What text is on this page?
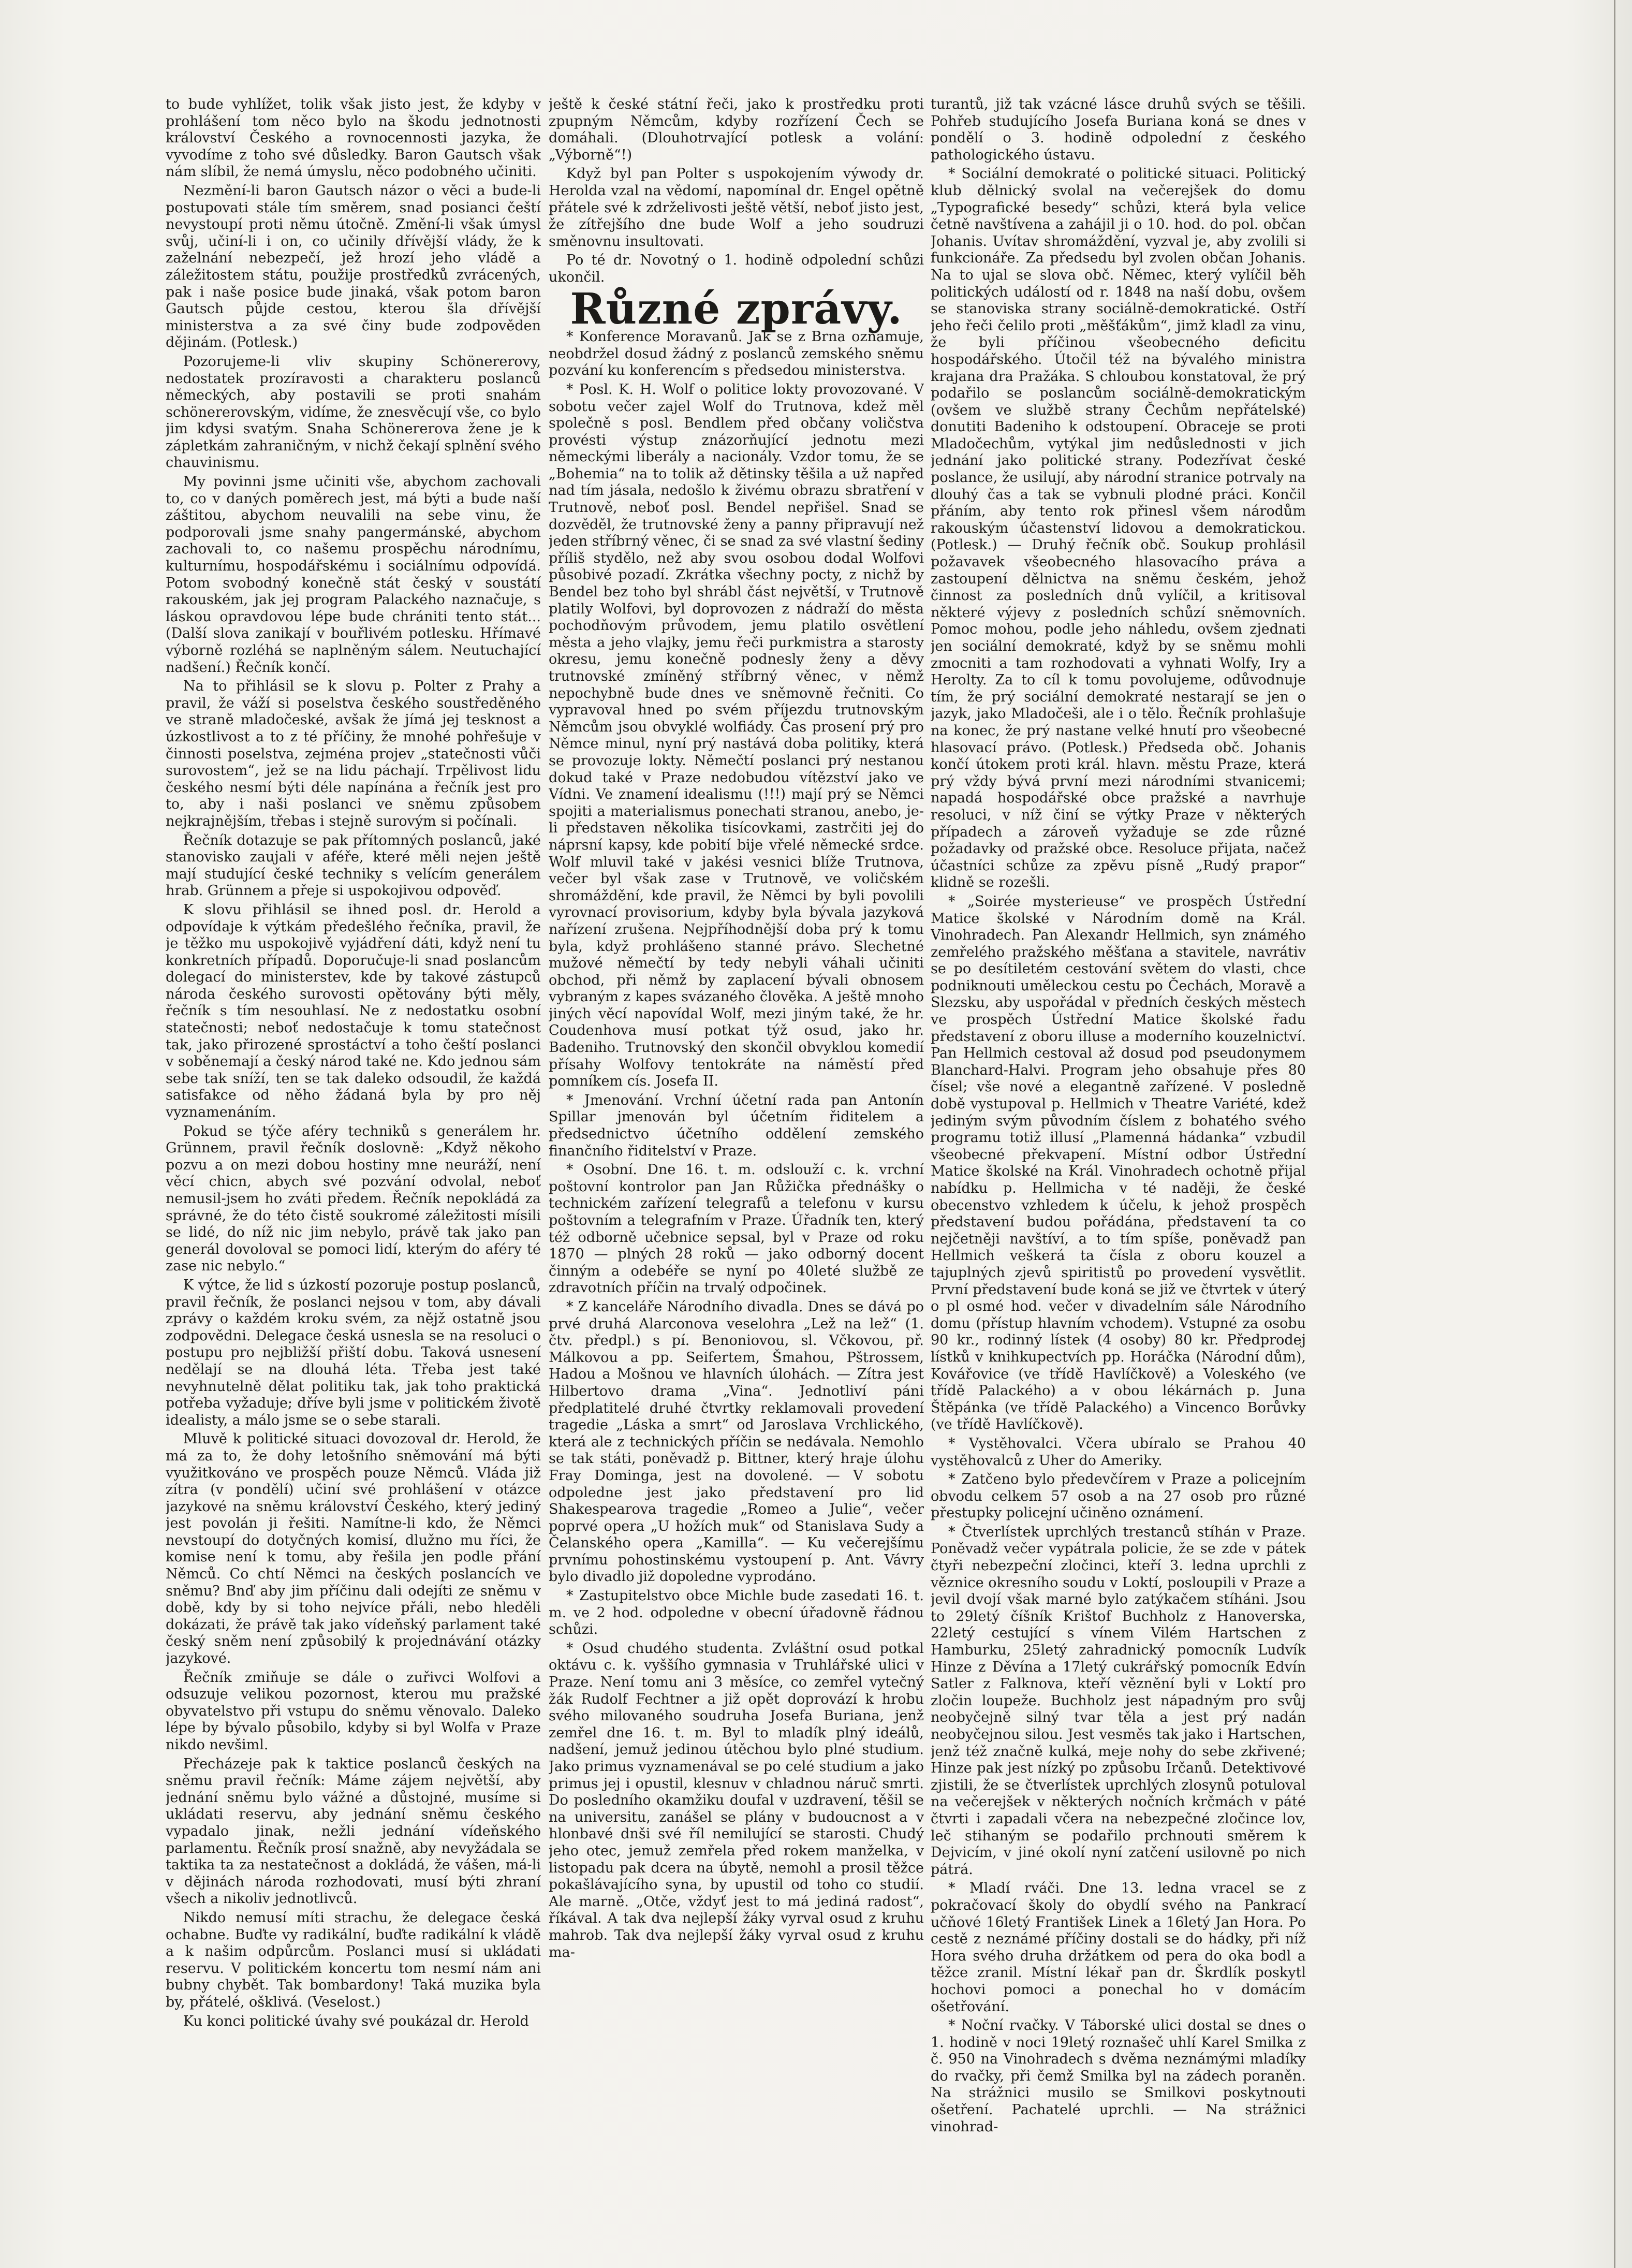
to bude vyhlížet, tolik však jisto jest, že kdyby v prohlášení tom něco bylo na škodu jednotnosti království Českého a rovnocennosti jazyka, že vyvodíme z toho své důsledky. Baron Gautsch však nám slíbil, že nemá úmyslu, něco podobného učiniti.

Nezmění-li baron Gautsch názor o věci a bude-li postupovati stále tím směrem, snad posianci čeští nevystoupí proti němu útočně. Změní-li však úmysl svůj, učiní-li i on, co učinily dřívější vlády, že k zaželnání nebezpečí, jež hrozí jeho vládě a záležitostem státu, použije prostředků zvrácených, pak i naše posice bude jinaká, však potom baron Gautsch půjde cestou, kterou šla dřívější ministerstva a za své činy bude zodpověden dějinám. (Potlesk.)

Pozorujeme-li vliv skupiny Schönererovy, nedostatek prozíravosti a charakteru poslanců německých, aby postavili se proti snahám schönererovským, vidíme, že znesvěcují vše, co bylo jim kdysi svatým. Snaha Schönererova žene je k zápletkám zahraničným, v nichž čekají splnění svého chauvinismu.

My povinni jsme učiniti vše, abychom zachovali to, co v daných poměrech jest, má býti a bude naší záštitou, abychom neuvalili na sebe vinu, že podporovali jsme snahy pangermánské, abychom zachovali to, co našemu prospěchu národnímu, kulturnímu, hospodářskému i sociálnímu odpovídá. Potom svobodný konečně stát český v soustátí rakouském, jak jej program Palackého naznačuje, s láskou opravdovou lépe bude chrániti tento stát... (Další slova zanikají v bouřlivém potlesku. Hřímavé výborně rozléhá se naplněným sálem. Neutuchající nadšení.) Řečník končí.

Na to přihlásil se k slovu p. Polter z Prahy a pravil, že váží si poselstva českého soustředěného ve straně mladočeské, avšak že jímá jej tesknost a úzkostlivost a to z té příčiny, že mnohé pohřešuje v činnosti poselstva, zejména projev „statečnosti vůči surovostem“, jež se na lidu páchají. Trpělivost lidu českého nesmí býti déle napínána a řečník jest pro to, aby i naši poslanci ve sněmu způsobem nejkrajnějším, třebas i stejně surovým si počínali.

Řečník dotazuje se pak přítomných poslanců, jaké stanovisko zaujali v aféře, které měli nejen ještě mají studující české techniky s velícím generálem hrab. Grünnem a přeje si uspokojivou odpověď.

K slovu přihlásil se ihned posl. dr. Herold a odpovídaje k výtkám předešlého řečníka, pravil, že je těžko mu uspokojivě vyjádření dáti, když není tu konkretních případů. Doporučuje-li snad poslancům dolegací do ministerstev, kde by takové zástupců národa českého surovosti opětovány býti měly, řečník s tím nesouhlasí. Ne z nedostatku osobní statečnosti; neboť nedostačuje k tomu statečnost tak, jako přirozené sprostáctví a toho čeští poslanci v soběnemají a český národ také ne. Kdo jednou sám sebe tak sníží, ten se tak daleko odsoudil, že každá satisfakce od něho žádaná byla by pro něj vyznamenáním.

Pokud se týče aféry techniků s generálem hr. Grünnem, pravil řečník doslovně: „Když někoho pozvu a on mezi dobou hostiny mne neuráží, není věcí chicn, abych své pozvání odvolal, neboť nemusil-jsem ho zváti předem. Řečník nepokládá za správné, že do této čistě soukromé záležitosti mísili se lidé, do níž nic jim nebylo, právě tak jako pan generál dovoloval se pomoci lidí, kterým do aféry té zase nic nebylo.“

K výtce, že lid s úzkostí pozoruje postup poslanců, pravil řečník, že poslanci nejsou v tom, aby dávali zprávy o každém kroku svém, za nějž ostatně jsou zodpovědni. Delegace česká usnesla se na resoluci o postupu pro nejbližší přiští dobu. Taková usnesení nedělají se na dlouhá léta. Třeba jest také nevyhnutelně dělat politiku tak, jak toho praktická potřeba vyžaduje; dříve byli jsme v politickém životě idealisty, a málo jsme se o sebe starali.

Mluvě k politické situaci dovozoval dr. Herold, že má za to, že dohy letošního sněmování má býti využitkováno ve prospěch pouze Němců. Vláda již zítra (v pondělí) učiní své prohlášení v otázce jazykové na sněmu království Českého, který jediný jest povolán ji řešiti. Namítne-li kdo, že Němci nevstoupí do dotyčných komisí, dlužno mu říci, že komise není k tomu, aby řešila jen podle přání Němců. Co chtí Němci na českých poslancích ve sněmu? Bnď aby jim příčinu dali odejíti ze sněmu v době, kdy by si toho nejvíce přáli, nebo hleděli dokázati, že právě tak jako vídeňský parlament také český sněm není způsobilý k projednávání otázky jazykové.

Řečník zmiňuje se dále o zuřivci Wolfovi a odsuzuje velikou pozornost, kterou mu pražské obyvatelstvo při vstupu do sněmu věnovalo. Daleko lépe by bývalo působilo, kdyby si byl Wolfa v Praze nikdo nevšiml.

Přecházeje pak k taktice poslanců českých na sněmu pravil řečník: Máme zájem největší, aby jednání sněmu bylo vážné a důstojné, musíme si ukládati reservu, aby jednání sněmu českého vypadalo jinak, nežli jednání vídeňského parlamentu. Řečník prosí snažně, aby nevyžádala se taktika ta za nestatečnost a dokládá, že vášen, má-li v dějinách národa rozhodovati, musí býti zhraní všech a nikoliv jednotlivců.

Nikdo nemusí míti strachu, že delegace česká ochabne. Buďte vy radikální, buďte radikální k vládě a k našim odpůrcům. Poslanci musí si ukládati reservu. V politickém koncertu tom nesmí nám ani bubny chybět. Tak bombardony! Taká muzika byla by, přátelé, ošklivá. (Veselost.)

Ku konci politické úvahy své poukázal dr. Herold

ještě k české státní řeči, jako k prostředku proti zpupným Němcům, kdyby rozřízení Čech se domáhali. (Dlouhotrvající potlesk a volání: „Výborně“!)

Když byl pan Polter s uspokojením výwody dr. Herolda vzal na vědomí, napomínal dr. Engel opětně přátele své k zdrželivosti ještě větší, neboť jisto jest, že zítřejšího dne bude Wolf a jeho soudruzi směnovnu insultovati.

Po té dr. Novotný o 1. hodině odpolední schůzi ukončil.

Různé zprávy.

* Konference Moravanů. Jak se z Brna oznamuje, neobdržel dosud žádný z poslanců zemského sněmu pozvání ku konferencím s předsedou ministerstva.

* Posl. K. H. Wolf o politice lokty provozované. V sobotu večer zajel Wolf do Trutnova, kdež měl společně s posl. Bendlem před občany voličstva provésti výstup znázorňující jednotu mezi německými liberály a nacionály. Vzdor tomu, že se „Bohemia“ na to tolik až dětinsky těšila a už napřed nad tím jásala, nedošlo k živému obrazu sbratření v Trutnově, neboť posl. Bendel nepřišel. Snad se dozvěděl, že trutnovské ženy a panny připravují než jeden stříbrný věnec, či se snad za své vlastní šediny příliš stydělo, než aby svou osobou dodal Wolfovi působivé pozadí. Zkrátka všechny pocty, z nichž by Bendel bez toho byl shrábl část největší, v Trutnově platily Wolfovi, byl doprovozen z nádraží do města pochodňovým průvodem, jemu platilo osvětlení města a jeho vlajky, jemu řeči purkmistra a starosty okresu, jemu konečně podnesly ženy a děvy trutnovské zmíněný stříbrný věnec, v němž nepochybně bude dnes ve sněmovně řečniti. Co vypravoval hned po svém příjezdu trutnovským Němcům jsou obvyklé wolfiády. Čas prosení prý pro Němce minul, nyní prý nastává doba politiky, která se provozuje lokty. Němečtí poslanci prý nestanou dokud také v Praze nedobudou vítězství jako ve Vídni. Ve znamení idealismu (!!!) mají prý se Němci spojiti a materialismus ponechati stranou, anebo, je-li představen několika tisícovkami, zastrčiti jej do náprsní kapsy, kde pobití bije vřelé německé srdce. Wolf mluvil také v jakési vesnici blíže Trutnova, večer byl však zase v Trutnově, ve voličském shromáždění, kde pravil, že Němci by byli povolili vyrovnací provisorium, kdyby byla bývala jazyková nařízení zrušena. Nejpříhodnější doba prý k tomu byla, když prohlášeno stanné právo. Slechetné mužové němečtí by tedy nebyli váhali učiniti obchod, při němž by zaplacení bývali obnosem vybraným z kapes svázaného člověka. A ještě mnoho jiných věcí napovídal Wolf, mezi jiným také, že hr. Coudenhova musí potkat týž osud, jako hr. Badeniho. Trutnovský den skončil obvyklou komedií přísahy Wolfovy tentokráte na náměstí před pomníkem cís. Josefa II.

* Jmenování. Vrchní účetní rada pan Antonín Spillar jmenován byl účetním řiditelem a předsednictvo účetního oddělení zemského finančního řiditelství v Praze.

* Osobní. Dne 16. t. m. odslouží c. k. vrchní poštovní kontrolor pan Jan Růžička přednášky o technickém zařízení telegrafů a telefonu v kursu poštovním a telegrafním v Praze. Úřadník ten, který též odborně učebnice sepsal, byl v Praze od roku 1870 — plných 28 roků — jako odborný docent činným a odebéře se nyní po 40leté službě ze zdravotních příčin na trvalý odpočinek.

* Z kanceláře Národního divadla. Dnes se dává po prvé druhá Alarconova veselohra „Lež na lež“ (1. čtv. předpl.) s pí. Benoniovou, sl. Včkovou, př. Málkovou a pp. Seifertem, Šmahou, Pštrossem, Hadou a Mošnou ve hlavních úlohách. — Zítra jest Hilbertovo drama „Vina“. Jednotliví páni předplatitelé druhé čtvrtky reklamovali provedení tragedie „Láska a smrt“ od Jaroslava Vrchlického, která ale z technických příčin se nedávala. Nemohlo se tak státi, poněvadž p. Bittner, který hraje úlohu Fray Dominga, jest na dovolené. — V sobotu odpoledne jest jako představení pro lid Shakespearova tragedie „Romeo a Julie“, večer poprvé opera „U hožích muk“ od Stanislava Sudy a Čelanského opera „Kamilla“. — Ku večerejšímu prvnímu pohostinskému vystoupení p. Ant. Vávry bylo divadlo již dopoledne vyprodáno.

* Zastupitelstvo obce Michle bude zasedati 16. t. m. ve 2 hod. odpoledne v obecní úřadovně řádnou schůzi.

* Osud chudého studenta. Zvláštní osud potkal oktávu c. k. vyššího gymnasia v Truhlářské ulici v Praze. Není tomu ani 3 měsíce, co zemřel vytečný žák Rudolf Fechtner a již opět doprovází k hrobu svého milovaného soudruha Josefa Buriana, jenž zemřel dne 16. t. m. Byl to mladík plný ideálů, nadšení, jemuž jedinou útěchou bylo plné studium. Jako primus vyznamenával se po celé studium a jako primus jej i opustil, klesnuv v chladnou náruč smrti. Do posledního okamžiku doufal v uzdravení, těšil se na universitu, zanášel se plány v budoucnost a v hlonbavé dnši své říl nemilující se starosti. Chudý jeho otec, jemuž zemřela před rokem manželka, v listopadu pak dcera na úbytě, nemohl a prosil těžce pokašlávajícího syna, by upustil od toho co studií. Ale marně. „Otče, vždyť jest to má jediná radost“, říkával. A tak dva nejlepší žáky vyrval osud z kruhu mahrob. Tak dva nejlepší žáky vyrval osud z kruhu ma-

turantů, již tak vzácné lásce druhů svých se těšili. Pohřeb studujícího Josefa Buriana koná se dnes v pondělí o 3. hodině odpolední z českého pathologického ústavu.

* Sociální demokraté o politické situaci. Politický klub dělnický svolal na večerejšek do domu „Typografické besedy“ schůzi, která byla velice četně navštívena a zahájil ji o 10. hod. do pol. občan Johanis. Uvítav shromáždění, vyzval je, aby zvolili si funkcionáře. Za předsedu byl zvolen občan Johanis. Na to ujal se slova obč. Němec, který vylíčil běh politických událostí od r. 1848 na naší dobu, ovšem se stanoviska strany sociálně-demokratické. Ostří jeho řeči čelilo proti „měšťákům“, jimž kladl za vinu, že byli příčinou všeobecného deficitu hospodářského. Útočil též na bývalého ministra krajana dra Pražáka. S chloubou konstatoval, že prý podařilo se poslancům sociálně-demokratickým (ovšem ve službě strany Čechům nepřátelské) donutiti Badeniho k odstoupení. Obraceje se proti Mladočechům, vytýkal jim nedůslednosti v jich jednání jako politické strany. Podezřívat české poslance, že usilují, aby národní stranice potrvaly na dlouhý čas a tak se vybnuli plodné práci. Končil přáním, aby tento rok přinesl všem národům rakouským účastenství lidovou a demokratickou. (Potlesk.) — Druhý řečník obč. Soukup prohlásil požavavek všeobecného hlasovacího práva a zastoupení dělnictva na sněmu českém, jehož činnost za posledních dnů vylíčil, a kritisoval některé výjevy z posledních schůzí sněmovních. Pomoc mohou, podle jeho náhledu, ovšem zjednati jen sociální demokraté, když by se sněmu mohli zmocniti a tam rozhodovati a vyhnati Wolfy, Iry a Herolty. Za to cíl k tomu povolujeme, odůvodnuje tím, že prý sociální demokraté nestarají se jen o jazyk, jako Mladočeši, ale i o tělo. Řečník prohlašuje na konec, že prý nastane velké hnutí pro všeobecné hlasovací právo. (Potlesk.) Předseda obč. Johanis končí útokem proti král. hlavn. městu Praze, která prý vždy bývá první mezi národními stvanicemi; napadá hospodářské obce pražské a navrhuje resoluci, v níž činí se výtky Praze v některých případech a zároveň vyžaduje se zde různé požadavky od pražské obce. Resoluce přijata, načež účastníci schůze za zpěvu písně „Rudý prapor“ klidně se rozešli.

* „Soirée mysterieuse“ ve prospěch Ústřední Matice školské v Národním domě na Král. Vinohradech. Pan Alexandr Hellmich, syn známého zemřelého pražského měšťana a stavitele, navrátiv se po desítiletém cestování světem do vlasti, chce podniknouti uměleckou cestu po Čechách, Moravě a Slezsku, aby uspořádal v předních českých městech ve prospěch Ústřední Matice školské řadu představení z oboru illuse a moderního kouzelnictví. Pan Hellmich cestoval až dosud pod pseudonymem Blanchard-Halvi. Program jeho obsahuje přes 80 čísel; vše nové a elegantně zařízené. V posledně době vystupoval p. Hellmich v Theatre Variété, kdež jediným svým původním číslem z bohatého svého programu totiž illusí „Plamenná hádanka“ vzbudil všeobecné překvapení. Místní odbor Ústřední Matice školské na Král. Vinohradech ochotně přijal nabídku p. Hellmicha v té naději, že české obecenstvo vzhledem k účelu, k jehož prospěch představení budou pořádána, představení ta co nejčetněji navštíví, a to tím spíše, poněvadž pan Hellmich veškerá ta čísla z oboru kouzel a tajuplných zjevů spiritistů po provedení vysvětlit. První představení bude koná se již ve čtvrtek v úterý o pl osmé hod. večer v divadelním sále Národního domu (přístup hlavním vchodem). Vstupné za osobu 90 kr., rodinný lístek (4 osoby) 80 kr. Předprodej lístků v knihkupectvích pp. Horáčka (Národní dům), Kovářovice (ve třídě Havlíčkově) a Voleského (ve třídě Palackého) a v obou lékárnách p. Juna Štěpánka (ve třídě Palackého) a Vincenco Borůvky (ve třídě Havlíčkově).

* Vystěhovalci. Včera ubíralo se Prahou 40 vystěhovalců z Uher do Ameriky.

* Zatčeno bylo předevčírem v Praze a policejním obvodu celkem 57 osob a na 27 osob pro různé přestupky policejní učiněno oznámení.

* Čtverlístek uprchlých trestanců stíhán v Praze. Poněvadž večer vypátrala policie, že se zde v pátek čtyři nebezpeční zločinci, kteří 3. ledna uprchli z věznice okresního soudu v Loktí, posloupili v Praze a jevil dvojí však marné bylo zatýkačem stíháni. Jsou to 29letý číšník Krištof Buchholz z Hanoverska, 22letý cestující s vínem Vilém Hartschen z Hamburku, 25letý zahradnický pomocník Ludvík Hinze z Děvína a 17letý cukrářský pomocník Edvín Satler z Falknova, kteří věznění byli v Loktí pro zločin loupeže. Buchholz jest nápadným pro svůj neobyčejně silný tvar těla a jest prý nadán neobyčejnou silou. Jest vesměs tak jako i Hartschen, jenž též značně kulká, meje nohy do sebe zkřivené; Hinze pak jest nízký po způsobu Irčanů. Detektivové zjistili, že se čtverlístek uprchlých zlosynů potuloval na večerejšek v některých nočních krčmách v páté čtvrti i zapadali včera na nebezpečné zločince lov, leč stihaným se podařilo prchnouti směrem k Dejvicím, v jiné okolí nyní zatčení usilovně po nich pátrá.

* Mladí rváči. Dne 13. ledna vracel se z pokračovací školy do obydlí svého na Pankrací učňové 16letý František Linek a 16letý Jan Hora. Po cestě z neznámé příčiny dostali se do hádky, při níž Hora svého druha držátkem od pera do oka bodl a těžce zranil. Místní lékař pan dr. Škrdlík poskytl hochovi pomoci a ponechal ho v domácím ošetřování.

* Noční rvačky. V Táborské ulici dostal se dnes o 1. hodině v noci 19letý roznašeč uhlí Karel Smilka z č. 950 na Vinohradech s dvěma neznámými mladíky do rvačky, při čemž Smilka byl na zádech poraněn. Na strážnici musilo se Smilkovi poskytnouti ošetření. Pachatelé uprchli. — Na strážnici vinohrad-
